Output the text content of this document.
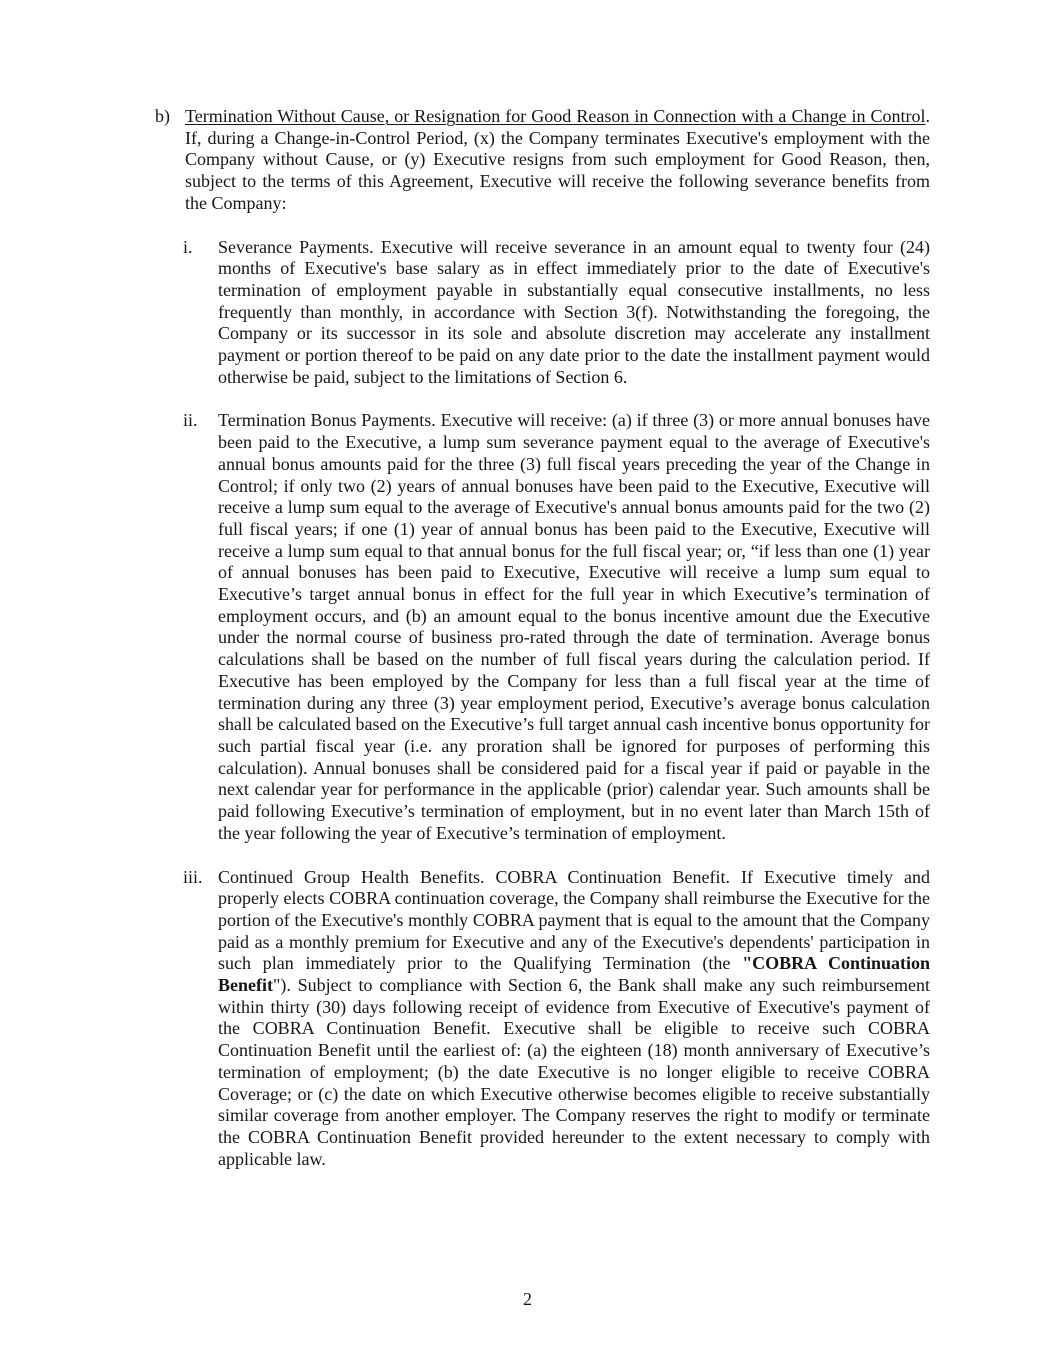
b) Termination Without Cause, or Resignation for Good Reason in Connection with a Change in Control. If, during a Change-in-Control Period, (x) the Company terminates Executive's employment with the Company without Cause, or (y) Executive resigns from such employment for Good Reason, then, subject to the terms of this Agreement, Executive will receive the following severance benefits from the Company:

i. Severance Payments. Executive will receive severance in an amount equal to twenty four (24) months of Executive's base salary as in effect immediately prior to the date of Executive's termination of employment payable in substantially equal consecutive installments, no less frequently than monthly, in accordance with Section 3(f). Notwithstanding the foregoing, the Company or its successor in its sole and absolute discretion may accelerate any installment payment or portion thereof to be paid on any date prior to the date the installment payment would otherwise be paid, subject to the limitations of Section 6.

ii. Termination Bonus Payments. Executive will receive: (a) if three (3) or more annual bonuses have been paid to the Executive, a lump sum severance payment equal to the average of Executive's annual bonus amounts paid for the three (3) full fiscal years preceding the year of the Change in Control; if only two (2) years of annual bonuses have been paid to the Executive, Executive will receive a lump sum equal to the average of Executive's annual bonus amounts paid for the two (2) full fiscal years; if one (1) year of annual bonus has been paid to the Executive, Executive will receive a lump sum equal to that annual bonus for the full fiscal year; or, “if less than one (1) year of annual bonuses has been paid to Executive, Executive will receive a lump sum equal to Executive’s target annual bonus in effect for the full year in which Executive’s termination of employment occurs, and (b) an amount equal to the bonus incentive amount due the Executive under the normal course of business pro-rated through the date of termination. Average bonus calculations shall be based on the number of full fiscal years during the calculation period. If Executive has been employed by the Company for less than a full fiscal year at the time of termination during any three (3) year employment period, Executive’s average bonus calculation shall be calculated based on the Executive’s full target annual cash incentive bonus opportunity for such partial fiscal year (i.e. any proration shall be ignored for purposes of performing this calculation). Annual bonuses shall be considered paid for a fiscal year if paid or payable in the next calendar year for performance in the applicable (prior) calendar year. Such amounts shall be paid following Executive’s termination of employment, but in no event later than March 15th of the year following the year of Executive’s termination of employment.

iii. Continued Group Health Benefits. COBRA Continuation Benefit. If Executive timely and properly elects COBRA continuation coverage, the Company shall reimburse the Executive for the portion of the Executive's monthly COBRA payment that is equal to the amount that the Company paid as a monthly premium for Executive and any of the Executive's dependents' participation in such plan immediately prior to the Qualifying Termination (the "COBRA Continuation Benefit"). Subject to compliance with Section 6, the Bank shall make any such reimbursement within thirty (30) days following receipt of evidence from Executive of Executive's payment of the COBRA Continuation Benefit. Executive shall be eligible to receive such COBRA Continuation Benefit until the earliest of: (a) the eighteen (18) month anniversary of Executive’s termination of employment; (b) the date Executive is no longer eligible to receive COBRA Coverage; or (c) the date on which Executive otherwise becomes eligible to receive substantially similar coverage from another employer. The Company reserves the right to modify or terminate the COBRA Continuation Benefit provided hereunder to the extent necessary to comply with applicable law.

2
